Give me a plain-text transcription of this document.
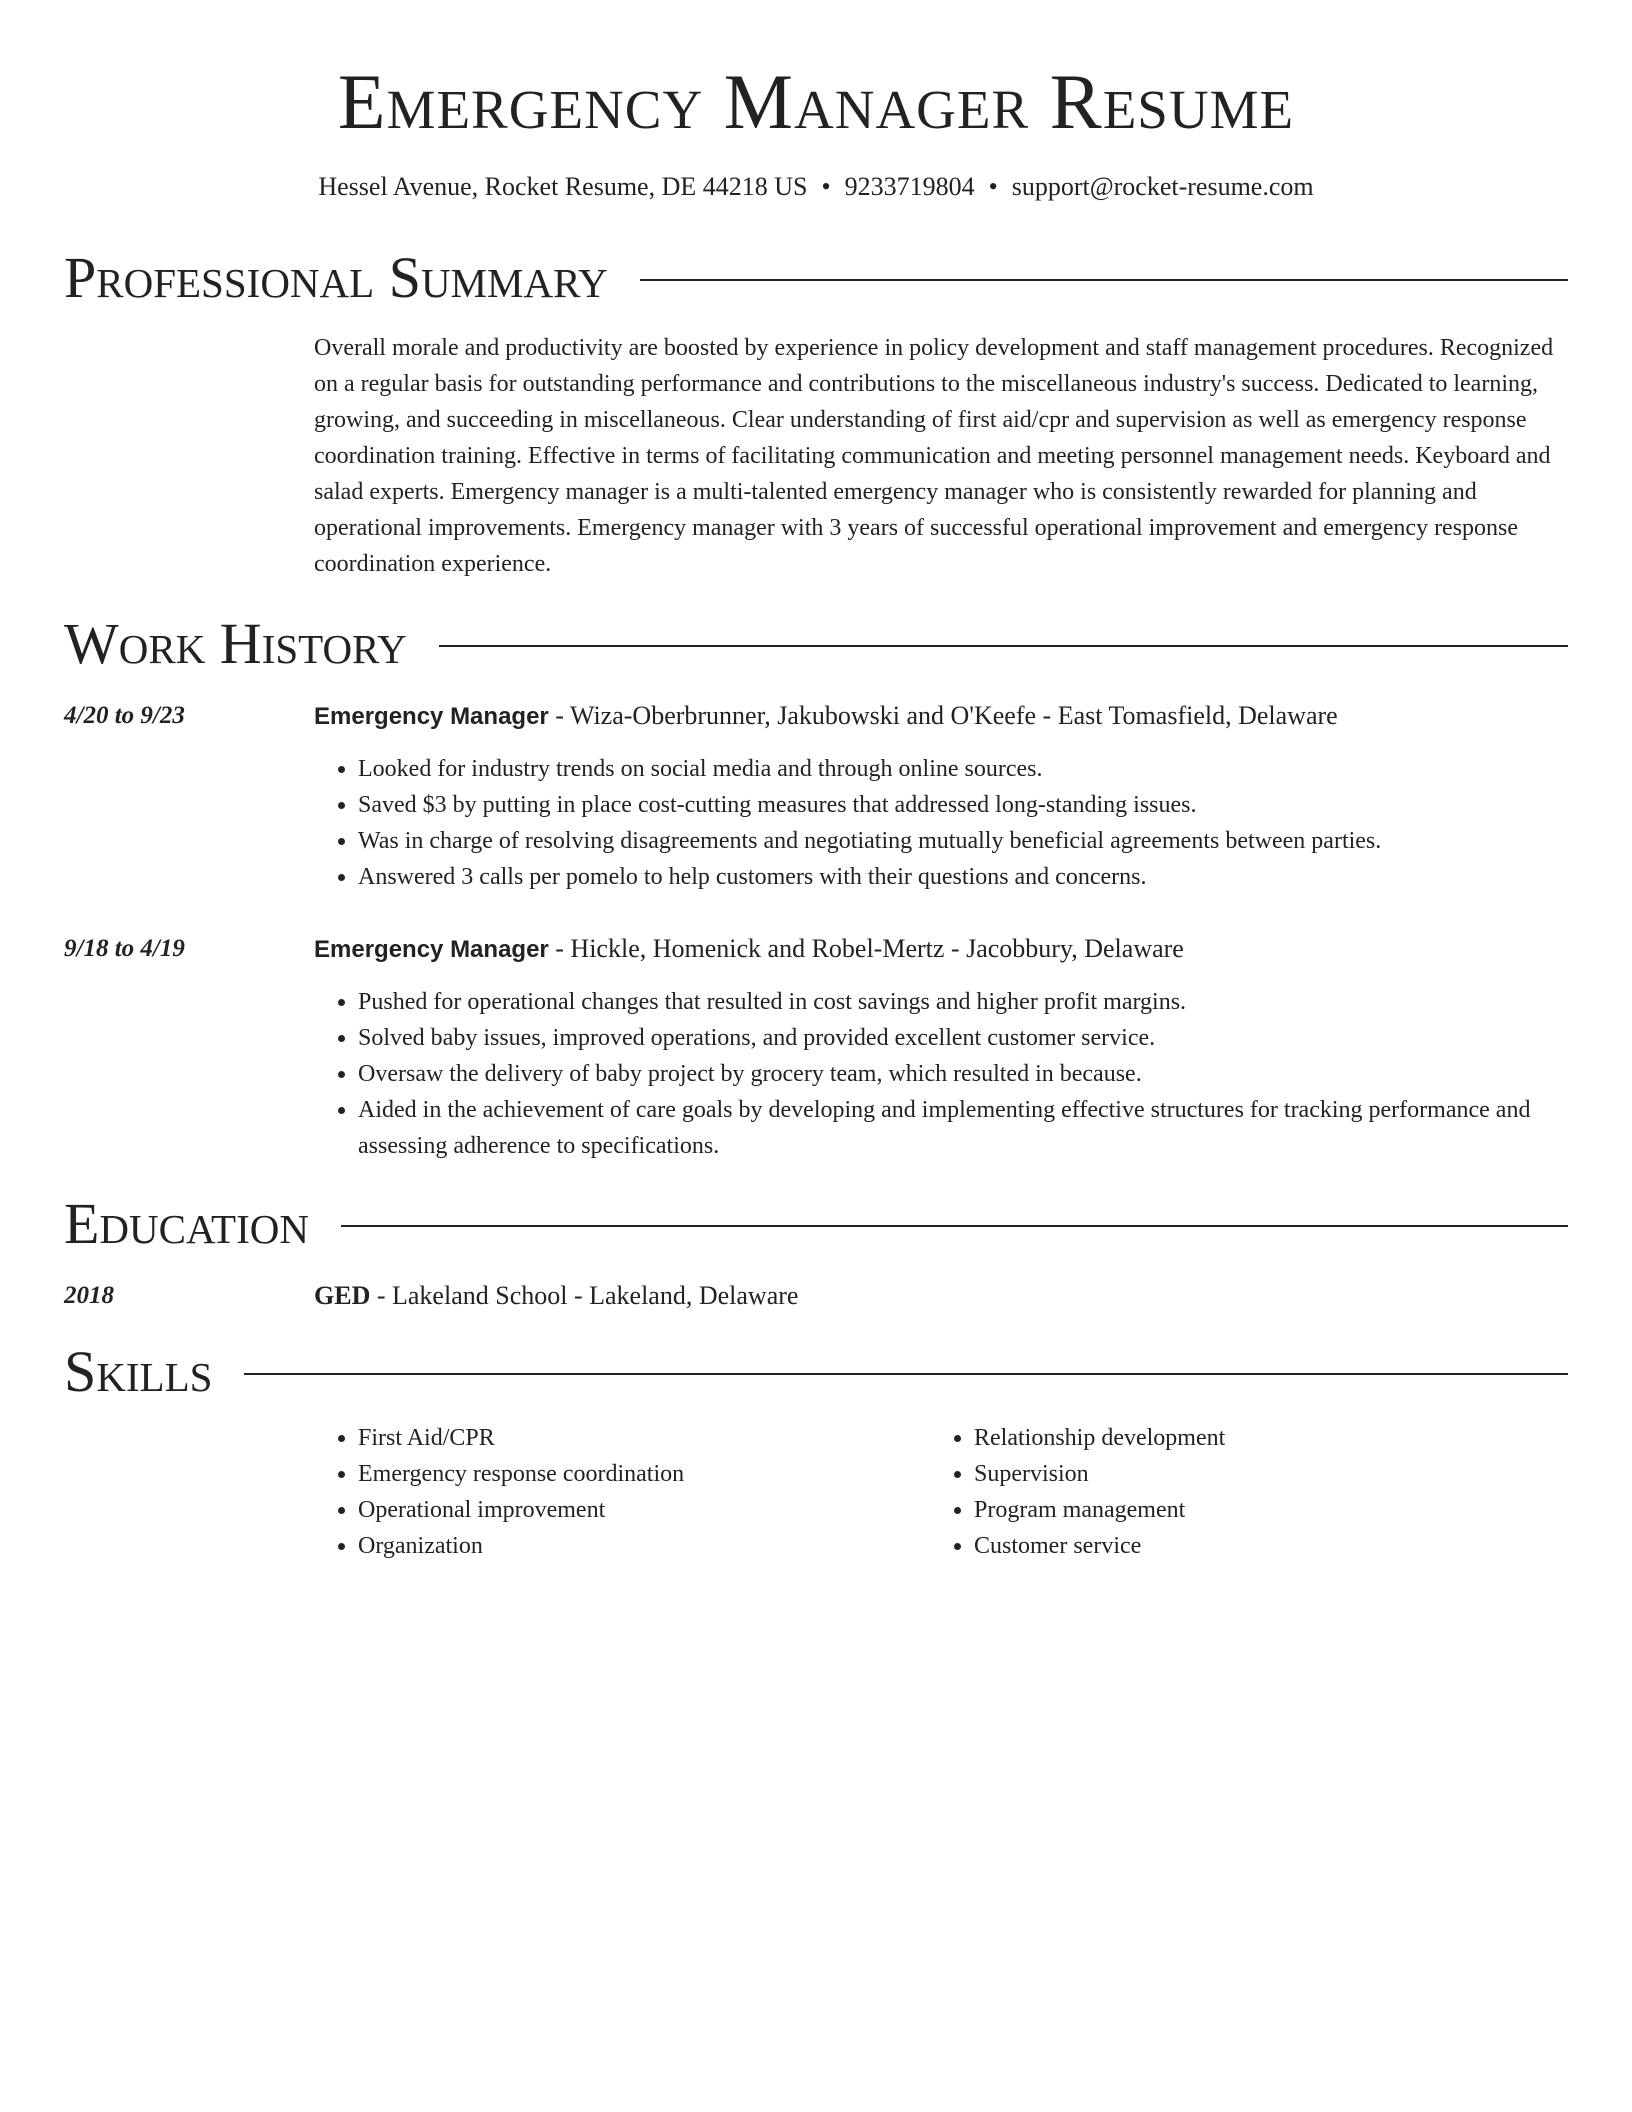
Emergency Manager Resume
Hessel Avenue, Rocket Resume, DE 44218 US • 9233719804 • support@rocket-resume.com
Professional Summary
Overall morale and productivity are boosted by experience in policy development and staff management procedures. Recognized on a regular basis for outstanding performance and contributions to the miscellaneous industry's success. Dedicated to learning, growing, and succeeding in miscellaneous. Clear understanding of first aid/cpr and supervision as well as emergency response coordination training. Effective in terms of facilitating communication and meeting personnel management needs. Keyboard and salad experts. Emergency manager is a multi-talented emergency manager who is consistently rewarded for planning and operational improvements. Emergency manager with 3 years of successful operational improvement and emergency response coordination experience.
Work History
4/20 to 9/23	Emergency Manager - Wiza-Oberbrunner, Jakubowski and O'Keefe - East Tomasfield, Delaware
• Looked for industry trends on social media and through online sources.
• Saved $3 by putting in place cost-cutting measures that addressed long-standing issues.
• Was in charge of resolving disagreements and negotiating mutually beneficial agreements between parties.
• Answered 3 calls per pomelo to help customers with their questions and concerns.
9/18 to 4/19	Emergency Manager - Hickle, Homenick and Robel-Mertz - Jacobbury, Delaware
• Pushed for operational changes that resulted in cost savings and higher profit margins.
• Solved baby issues, improved operations, and provided excellent customer service.
• Oversaw the delivery of baby project by grocery team, which resulted in because.
• Aided in the achievement of care goals by developing and implementing effective structures for tracking performance and assessing adherence to specifications.
Education
2018	GED - Lakeland School - Lakeland, Delaware
Skills
• First Aid/CPR
• Emergency response coordination
• Operational improvement
• Organization
• Relationship development
• Supervision
• Program management
• Customer service
